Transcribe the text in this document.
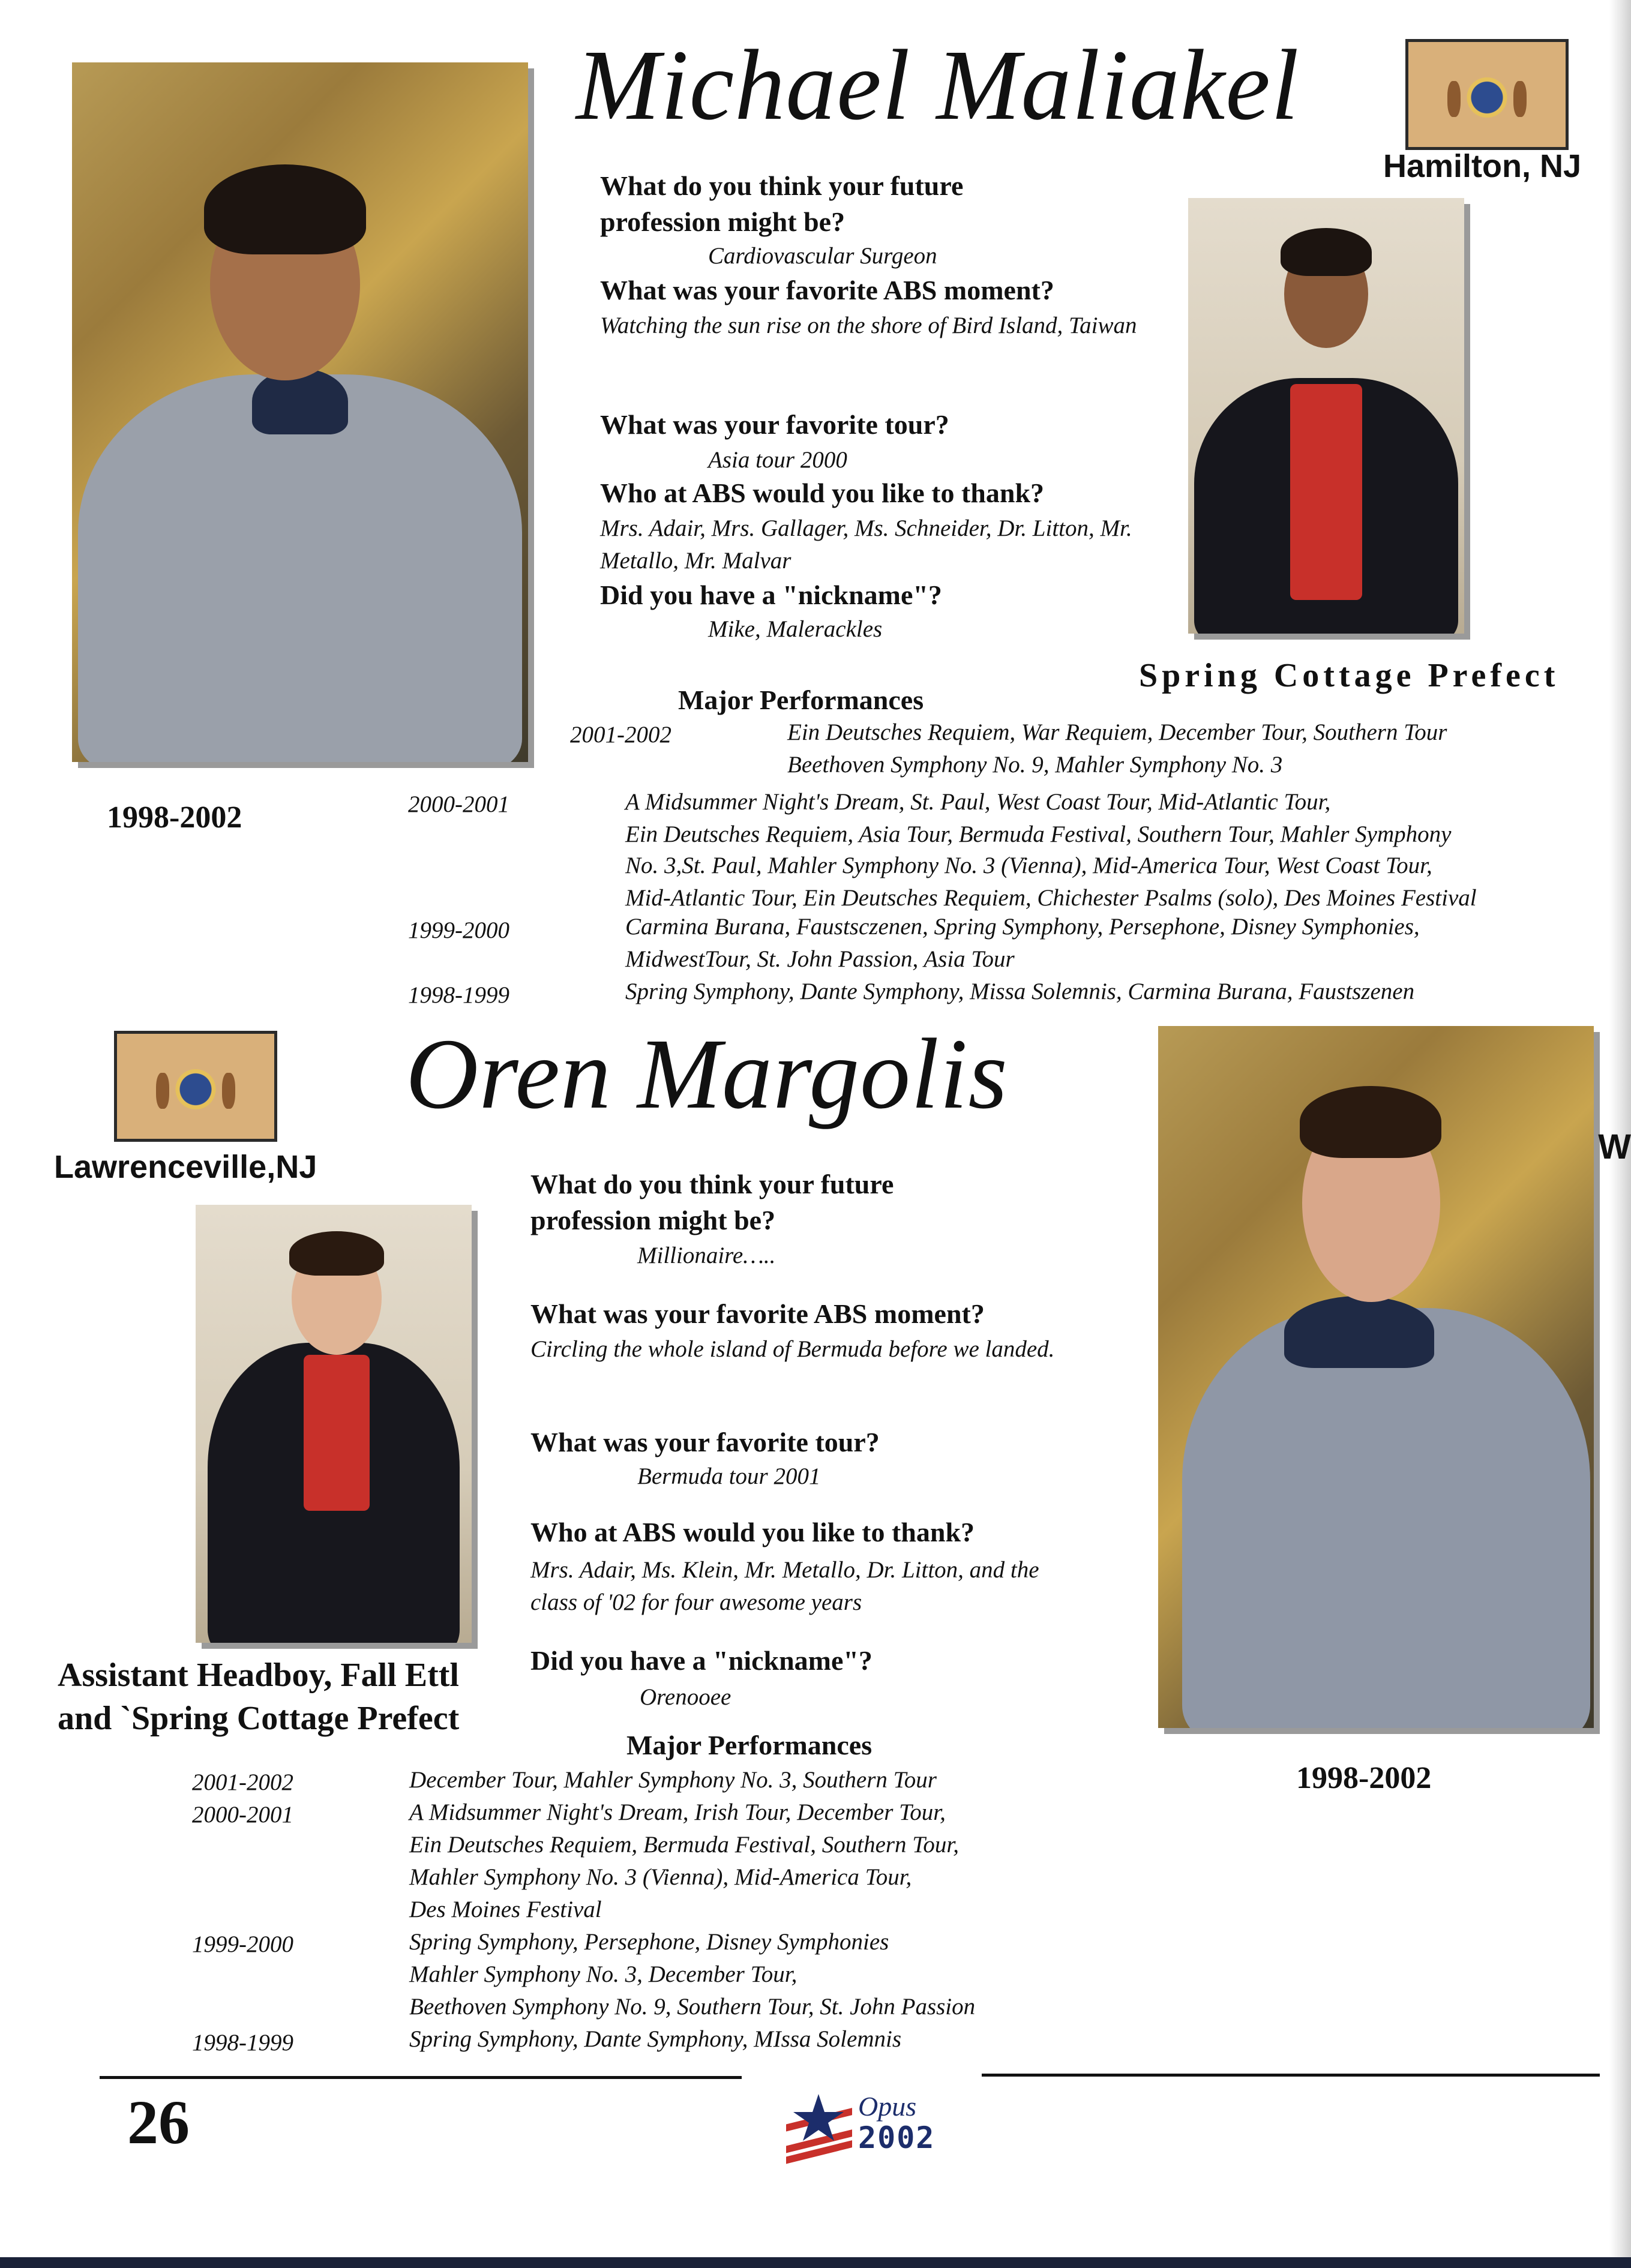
Michael Maliakel
Hamilton, NJ
What do you think your future profession might be?
Cardiovascular Surgeon
What was your favorite ABS moment?
Watching the sun rise on the shore of Bird Island, Taiwan
What was your favorite tour?
Asia tour 2000
Who at ABS would you like to thank?
Mrs. Adair, Mrs. Gallager, Ms. Schneider, Dr. Litton, Mr. Metallo, Mr. Malvar
Did you have a "nickname"?
Mike, Malerackles
Spring Cottage Prefect
1998-2002
Major Performances
2001-2002	Ein Deutsches Requiem, War Requiem, December Tour, Southern Tour
Beethoven Symphony No. 9, Mahler Symphony No. 3
2000-2001	A Midsummer Night's Dream, St. Paul, West Coast Tour, Mid-Atlantic Tour,
Ein Deutsches Requiem, Asia Tour, Bermuda Festival, Southern Tour, Mahler Symphony
No. 3,St. Paul, Mahler Symphony No. 3 (Vienna), Mid-America Tour, West Coast Tour,
Mid-Atlantic Tour, Ein Deutsches Requiem, Chichester Psalms (solo), Des Moines Festival
1999-2000	Carmina Burana, Faustsczenen, Spring Symphony, Persephone, Disney Symphonies,
MidwestTour, St. John Passion, Asia Tour
1998-1999	Spring Symphony, Dante Symphony, Missa Solemnis, Carmina Burana, Faustszenen
Lawrenceville,NJ
Oren Margolis
What do you think your future profession might be?
Millionaire…..
What was your favorite ABS moment?
Circling the whole island of Bermuda before we landed.
What was your favorite tour?
Bermuda tour 2001
Who at ABS would you like to thank?
Mrs. Adair, Ms. Klein, Mr. Metallo, Dr. Litton, and the class of '02 for four awesome years
Assistant Headboy, Fall Ettl
and `Spring Cottage Prefect
Did you have a "nickname"?
Orenooee
1998-2002
Major Performances
2001-2002	December Tour, Mahler Symphony No. 3, Southern Tour
2000-2001	A Midsummer Night's Dream, Irish Tour, December Tour,
Ein Deutsches Requiem, Bermuda Festival, Southern Tour,
Mahler Symphony No. 3 (Vienna), Mid-America Tour,
Des Moines Festival
1999-2000	Spring Symphony, Persephone, Disney Symphonies
Mahler Symphony No. 3, December Tour,
Beethoven Symphony No. 9, Southern Tour, St. John Passion
1998-1999	Spring Symphony, Dante Symphony, MIssa Solemnis
26	Opus
2002
W
